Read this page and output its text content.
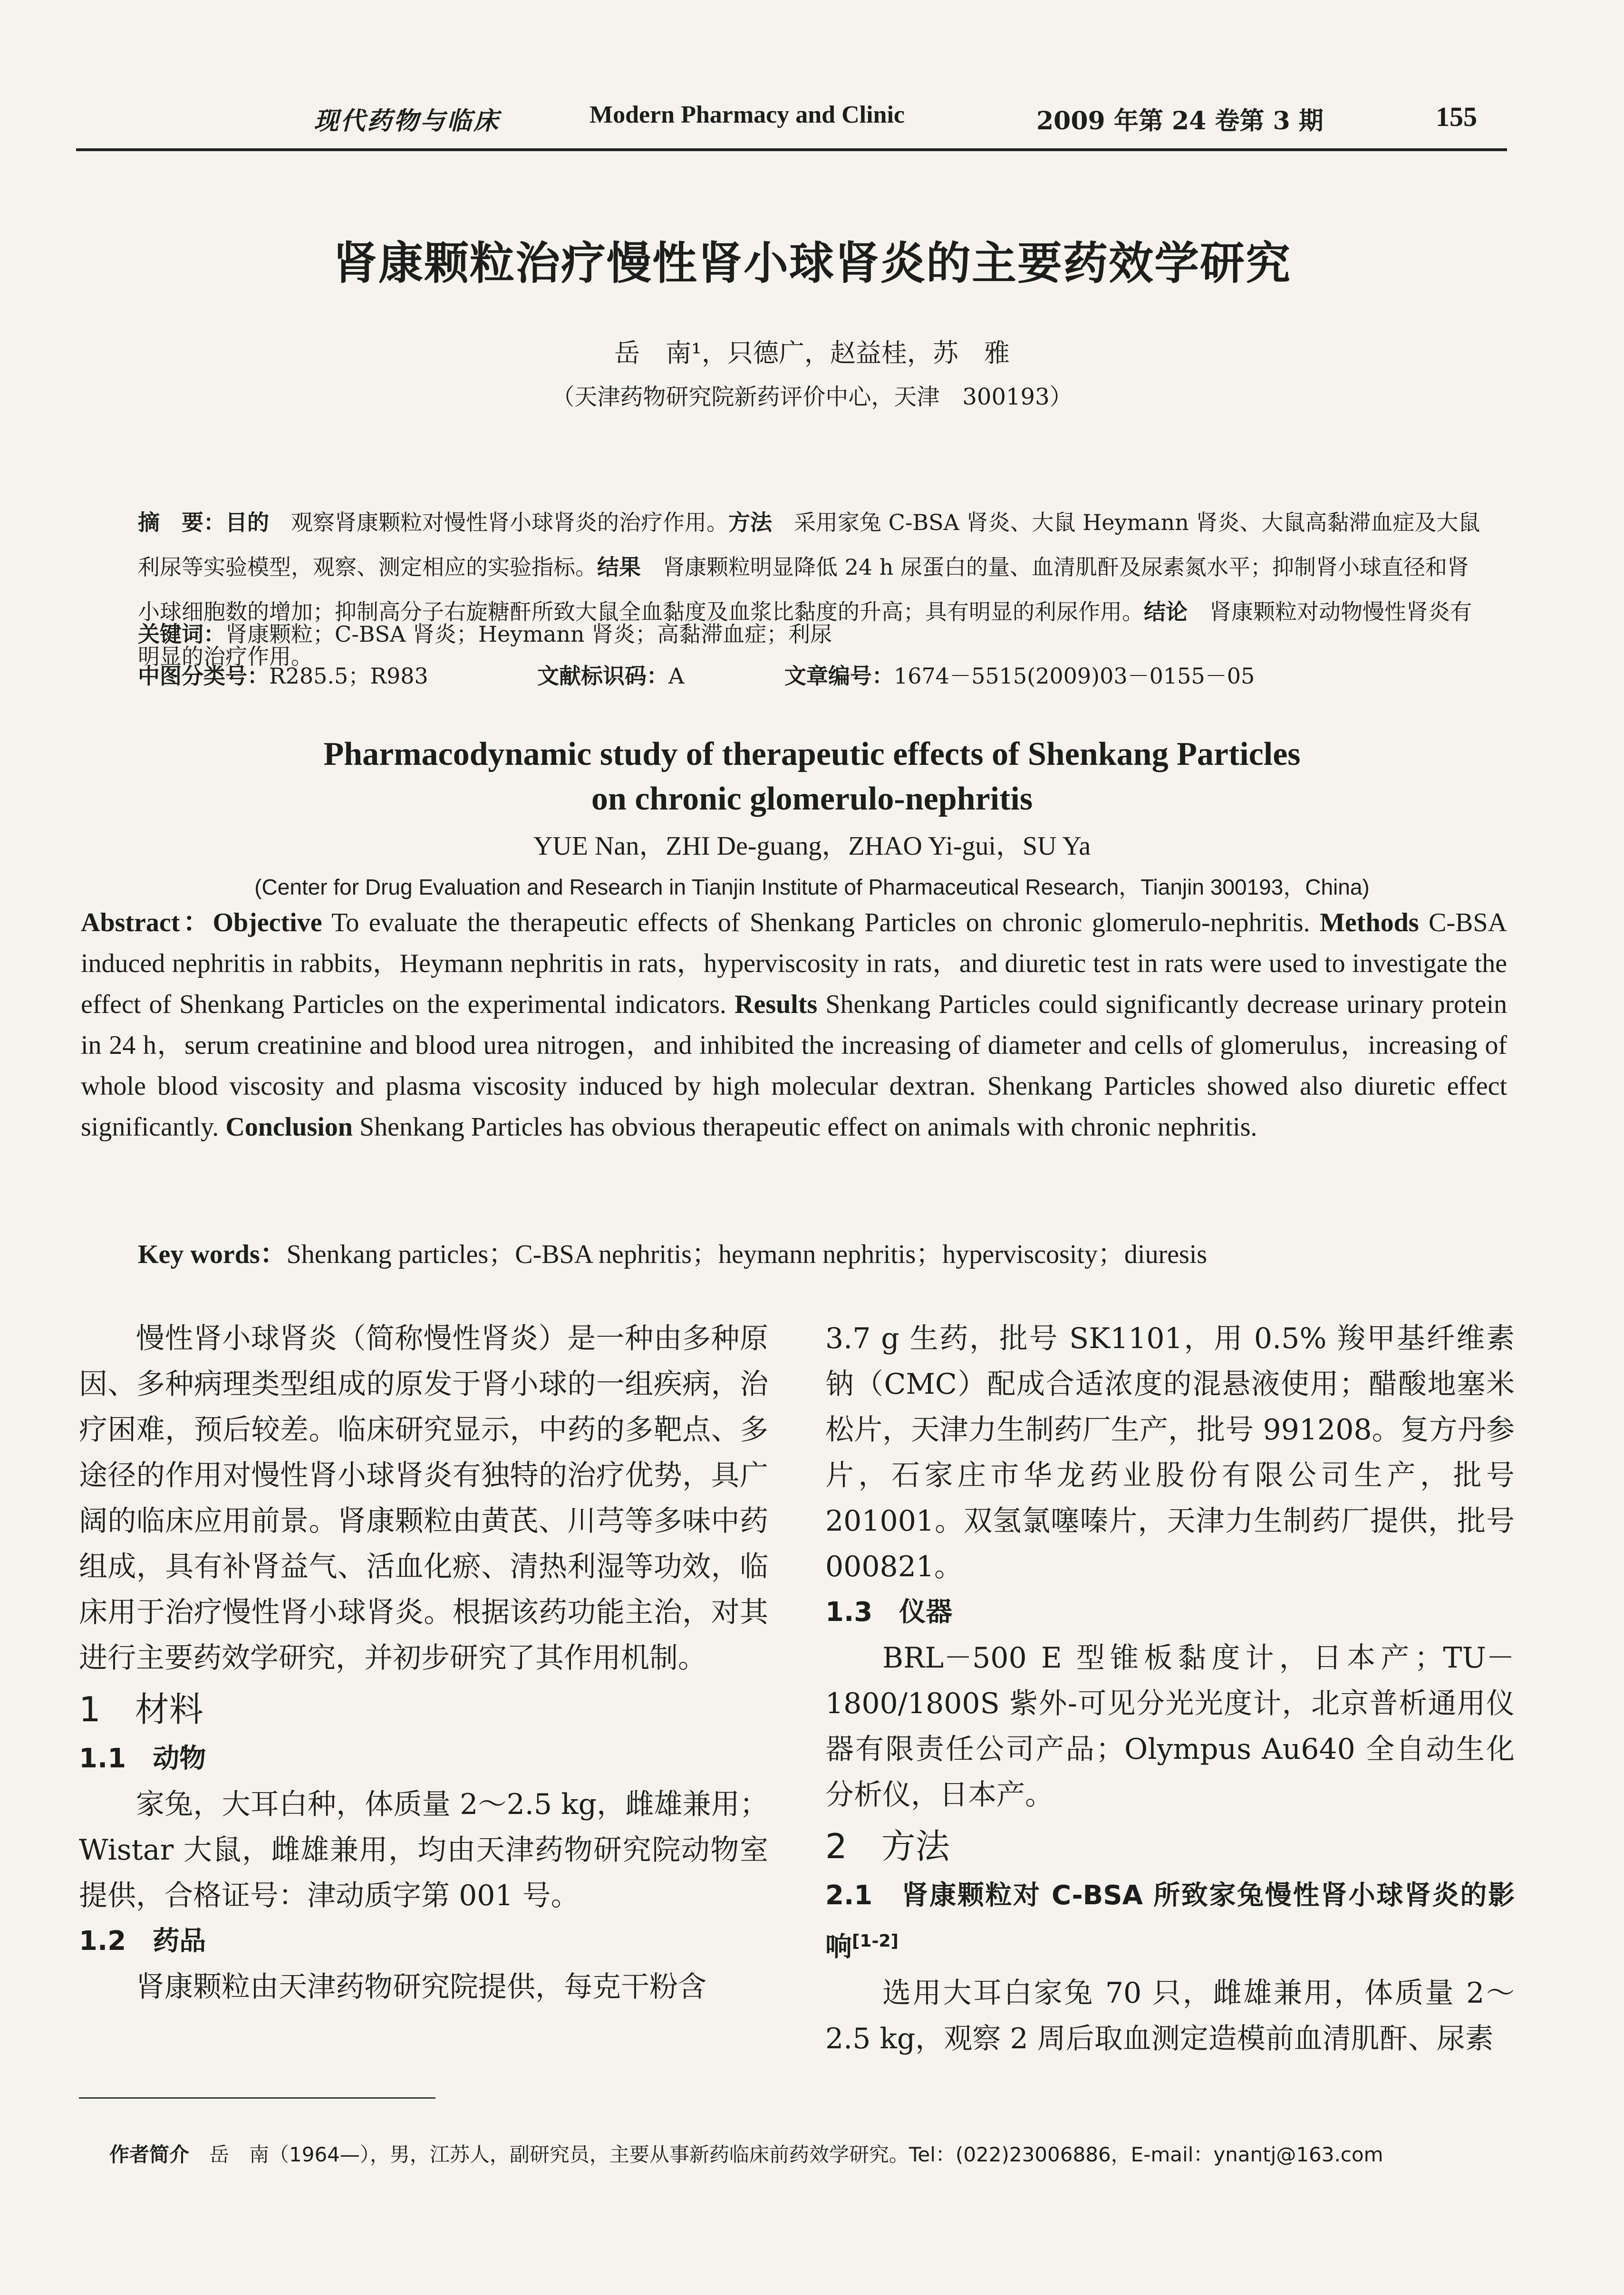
现代药物与临床	Modern Pharmacy and Clinic	2009 年第 24 卷第 3 期	155
肾康颗粒治疗慢性肾小球肾炎的主要药效学研究
岳　南¹，只德广，赵益桂，苏　雅
（天津药物研究院新药评价中心，天津　300193）
摘　要：目的　观察肾康颗粒对慢性肾小球肾炎的治疗作用。方法　采用家兔 C-BSA 肾炎、大鼠 Heymann 肾炎、大鼠高黏滞血症及大鼠利尿等实验模型，观察、测定相应的实验指标。结果　肾康颗粒明显降低 24 h 尿蛋白的量、血清肌酐及尿素氮水平；抑制肾小球直径和肾小球细胞数的增加；抑制高分子右旋糖酐所致大鼠全血黏度及血浆比黏度的升高；具有明显的利尿作用。结论　肾康颗粒对动物慢性肾炎有明显的治疗作用。
关键词：肾康颗粒；C-BSA 肾炎；Heymann 肾炎；高黏滞血症；利尿
中图分类号：R285.5；R983	文献标识码：A	文章编号：1674－5515(2009)03－0155－05
Pharmacodynamic study of therapeutic effects of Shenkang Particles
on chronic glomerulo-nephritis
YUE Nan，ZHI De-guang，ZHAO Yi-gui，SU Ya
(Center for Drug Evaluation and Research in Tianjin Institute of Pharmaceutical Research，Tianjin 300193，China)
Abstract：Objective To evaluate the therapeutic effects of Shenkang Particles on chronic glomerulo-nephritis. Methods C-BSA induced nephritis in rabbits，Heymann nephritis in rats，hyperviscosity in rats，and diuretic test in rats were used to investigate the effect of Shenkang Particles on the experimental indicators. Results Shenkang Particles could significantly decrease urinary protein in 24 h，serum creatinine and blood urea nitrogen，and inhibited the increasing of diameter and cells of glomerulus，increasing of whole blood viscosity and plasma viscosity induced by high molecular dextran. Shenkang Particles showed also diuretic effect significantly. Conclusion Shenkang Particles has obvious therapeutic effect on animals with chronic nephritis.
Key words：Shenkang particles；C-BSA nephritis；heymann nephritis；hyperviscosity；diuresis

慢性肾小球肾炎（简称慢性肾炎）是一种由多种原因、多种病理类型组成的原发于肾小球的一组疾病，治疗困难，预后较差。临床研究显示，中药的多靶点、多途径的作用对慢性肾小球肾炎有独特的治疗优势，具广阔的临床应用前景。肾康颗粒由黄芪、川芎等多味中药组成，具有补肾益气、活血化瘀、清热利湿等功效，临床用于治疗慢性肾小球肾炎。根据该药功能主治，对其进行主要药效学研究，并初步研究了其作用机制。

1　材料
1.1　动物

家兔，大耳白种，体质量 2～2.5 kg，雌雄兼用；Wistar 大鼠，雌雄兼用，均由天津药物研究院动物室提供，合格证号：津动质字第 001 号。

1.2　药品

肾康颗粒由天津药物研究院提供，每克干粉含

3.7 g 生药，批号 SK1101，用 0.5% 羧甲基纤维素钠（CMC）配成合适浓度的混悬液使用；醋酸地塞米松片，天津力生制药厂生产，批号 991208。复方丹参片，石家庄市华龙药业股份有限公司生产，批号 201001。双氢氯噻嗪片，天津力生制药厂提供，批号 000821。

1.3　仪器

BRL－500 E 型锥板黏度计，日本产；TU－1800/1800S 紫外-可见分光光度计，北京普析通用仪器有限责任公司产品；Olympus Au640 全自动生化分析仪，日本产。

2　方法
2.1　肾康颗粒对 C-BSA 所致家兔慢性肾小球肾炎的影响[1-2]

选用大耳白家兔 70 只，雌雄兼用，体质量 2～2.5 kg，观察 2 周后取血测定造模前血清肌酐、尿素

作者简介　岳　南（1964—），男，江苏人，副研究员，主要从事新药临床前药效学研究。Tel：(022)23006886，E-mail：ynantj@163.com
